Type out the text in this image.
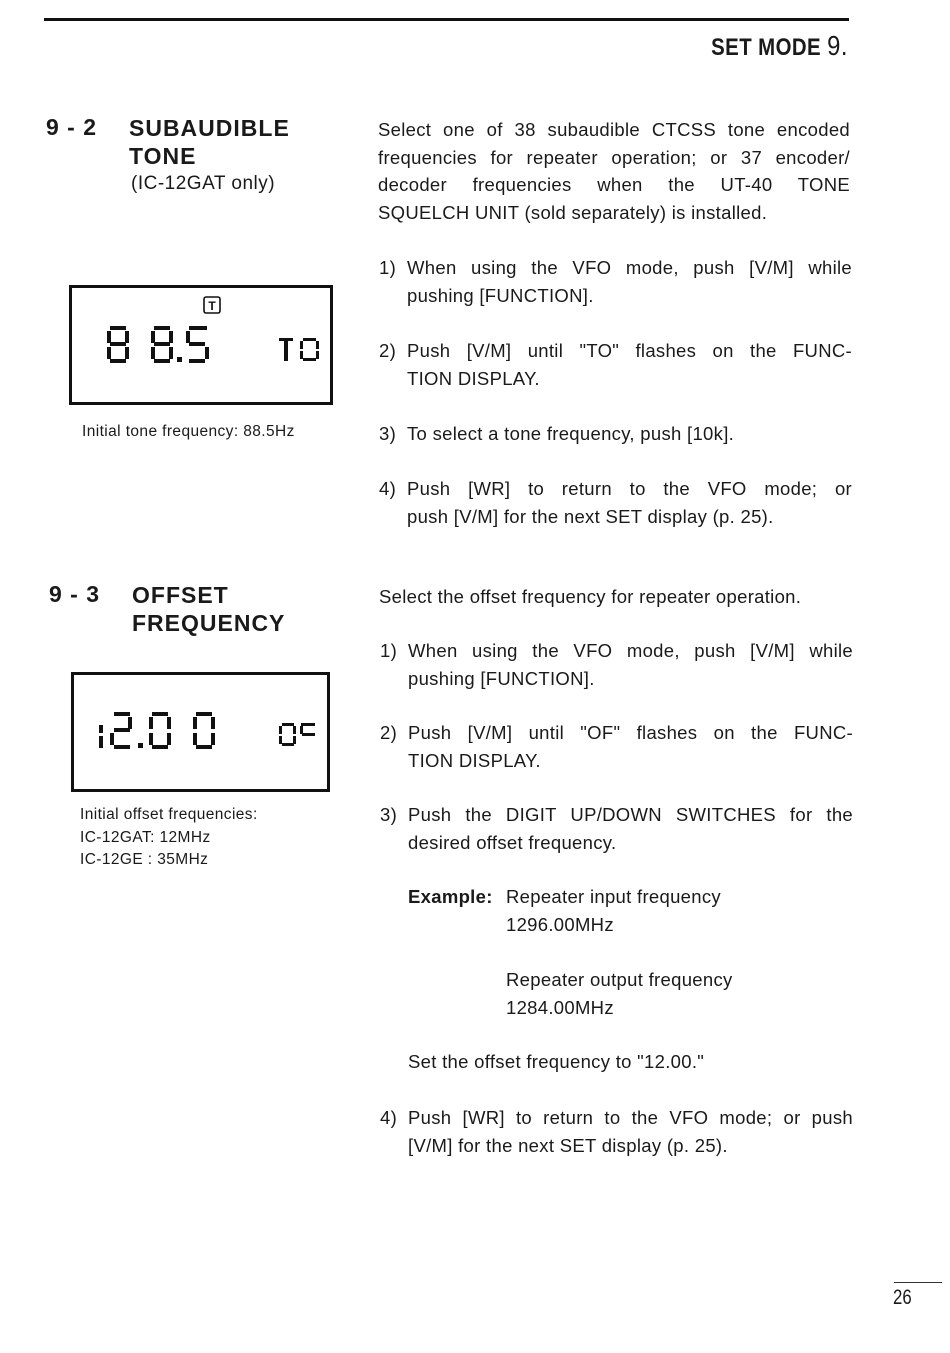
SET MODE 9.
9 - 2 SUBAUDIBLE
TONE
(IC-12GAT only)
Select one of 38 subaudible CTCSS tone encoded
frequencies for repeater operation; or 37 encoder/
decoder frequencies when the UT-40 TONE
SQUELCH UNIT (sold separately) is installed.
T
Initial tone frequency: 88.5Hz
1) When using the VFO mode, push [V/M] while
pushing [FUNCTION].
2) Push [V/M] until "TO" flashes on the FUNC-
TION DISPLAY.
3) To select a tone frequency, push [10k].
4) Push [WR] to return to the VFO mode; or
push [V/M] for the next SET display (p. 25).
9 - 3 OFFSET
FREQUENCY
Select the offset frequency for repeater operation.
Initial offset frequencies:
IC-12GAT: 12MHz
IC-12GE : 35MHz
1) When using the VFO mode, push [V/M] while
pushing [FUNCTION].
2) Push [V/M] until "OF" flashes on the FUNC-
TION DISPLAY.
3) Push the DIGIT UP/DOWN SWITCHES for the
desired offset frequency.
Example: Repeater input frequency
1296.00MHz
Repeater output frequency
1284.00MHz
Set the offset frequency to "12.00."
4) Push [WR] to return to the VFO mode; or push
[V/M] for the next SET display (p. 25).
26
